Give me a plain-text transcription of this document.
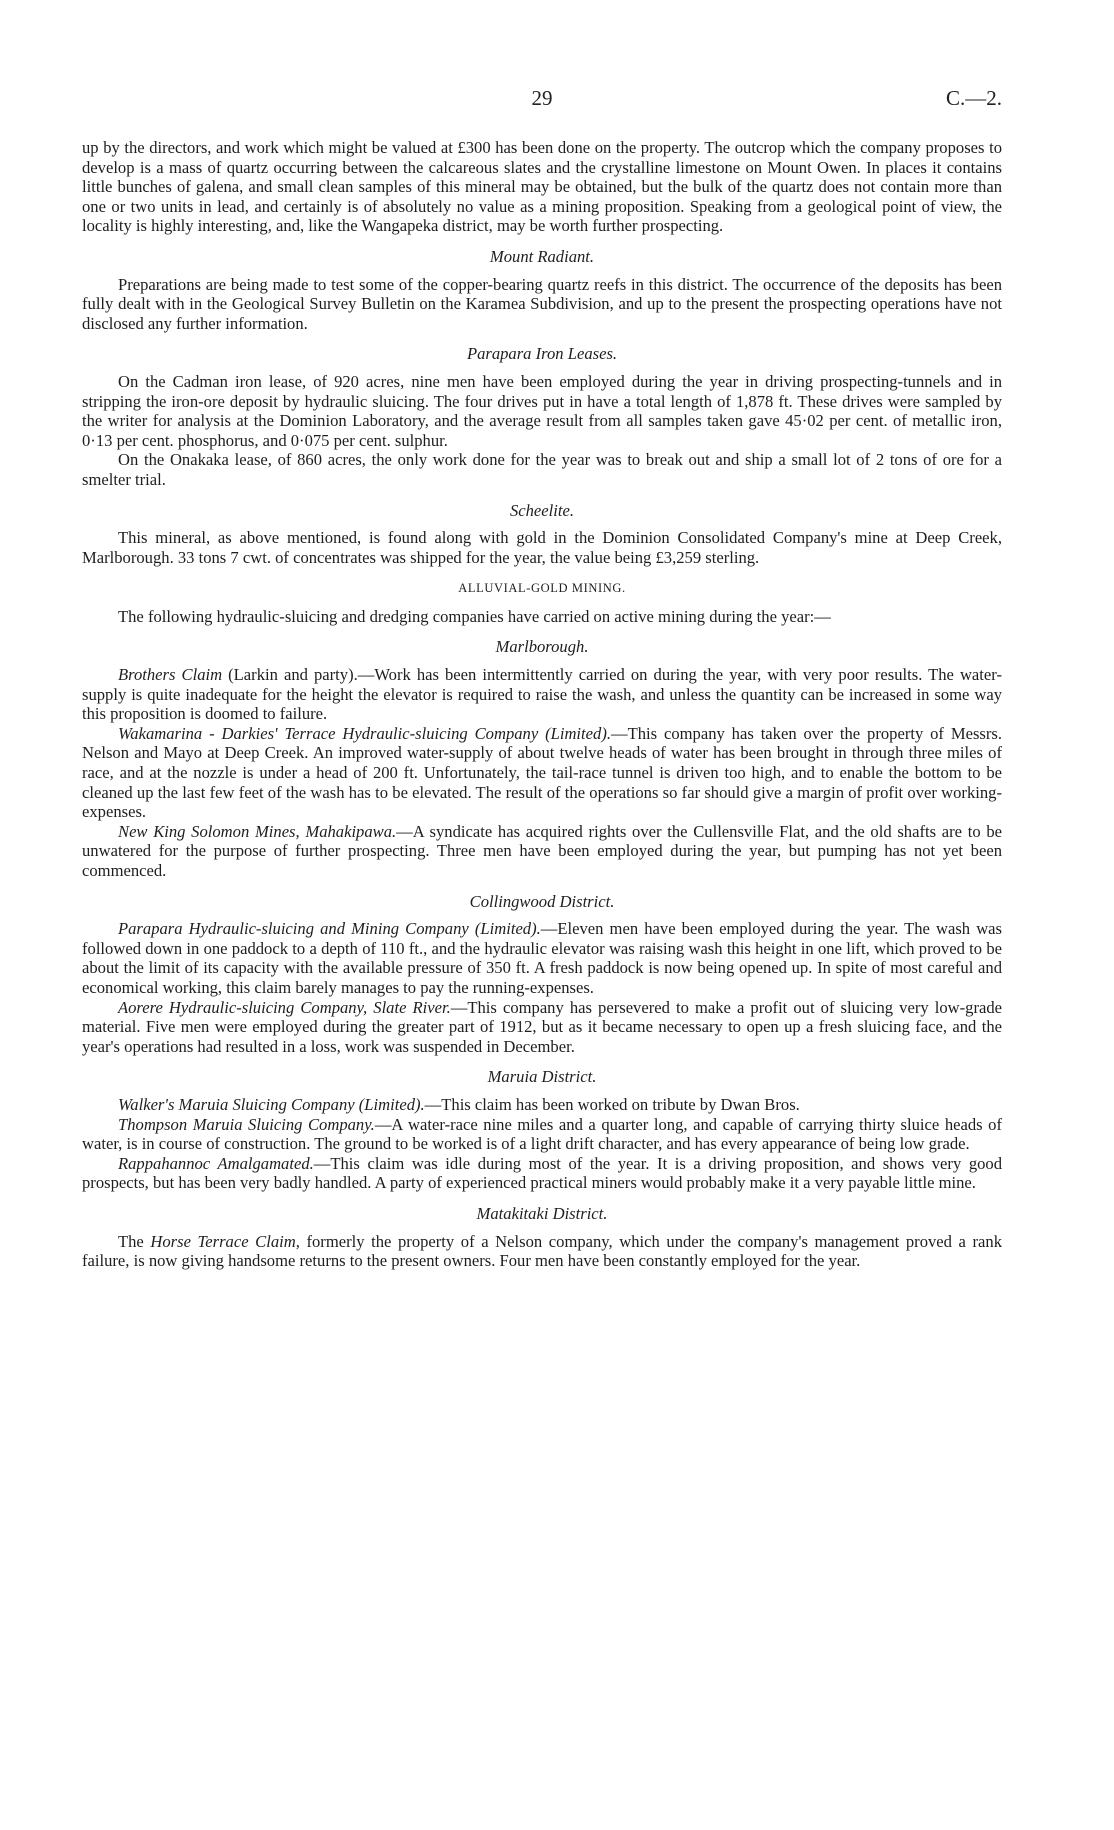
29	C.—2.

up by the directors, and work which might be valued at £300 has been done on the property. The outcrop which the company proposes to develop is a mass of quartz occurring between the calcareous slates and the crystalline limestone on Mount Owen. In places it contains little bunches of galena, and small clean samples of this mineral may be obtained, but the bulk of the quartz does not contain more than one or two units in lead, and certainly is of absolutely no value as a mining proposition. Speaking from a geological point of view, the locality is highly interesting, and, like the Wangapeka district, may be worth further prospecting.

Mount Radiant.

Preparations are being made to test some of the copper-bearing quartz reefs in this district. The occurrence of the deposits has been fully dealt with in the Geological Survey Bulletin on the Karamea Subdivision, and up to the present the prospecting operations have not disclosed any further information.

Parapara Iron Leases.

On the Cadman iron lease, of 920 acres, nine men have been employed during the year in driving prospecting-tunnels and in stripping the iron-ore deposit by hydraulic sluicing. The four drives put in have a total length of 1,878 ft. These drives were sampled by the writer for analysis at the Dominion Laboratory, and the average result from all samples taken gave 45·02 per cent. of metallic iron, 0·13 per cent. phosphorus, and 0·075 per cent. sulphur.

On the Onakaka lease, of 860 acres, the only work done for the year was to break out and ship a small lot of 2 tons of ore for a smelter trial.

Scheelite.

This mineral, as above mentioned, is found along with gold in the Dominion Consolidated Company's mine at Deep Creek, Marlborough. 33 tons 7 cwt. of concentrates was shipped for the year, the value being £3,259 sterling.

ALLUVIAL-GOLD MINING.

The following hydraulic-sluicing and dredging companies have carried on active mining during the year:—

Marlborough.

Brothers Claim (Larkin and party).—Work has been intermittently carried on during the year, with very poor results. The water-supply is quite inadequate for the height the elevator is required to raise the wash, and unless the quantity can be increased in some way this proposition is doomed to failure.

Wakamarina - Darkies' Terrace Hydraulic-sluicing Company (Limited).—This company has taken over the property of Messrs. Nelson and Mayo at Deep Creek. An improved water-supply of about twelve heads of water has been brought in through three miles of race, and at the nozzle is under a head of 200 ft. Unfortunately, the tail-race tunnel is driven too high, and to enable the bottom to be cleaned up the last few feet of the wash has to be elevated. The result of the operations so far should give a margin of profit over working-expenses.

New King Solomon Mines, Mahakipawa.—A syndicate has acquired rights over the Cullensville Flat, and the old shafts are to be unwatered for the purpose of further prospecting. Three men have been employed during the year, but pumping has not yet been commenced.

Collingwood District.

Parapara Hydraulic-sluicing and Mining Company (Limited).—Eleven men have been employed during the year. The wash was followed down in one paddock to a depth of 110 ft., and the hydraulic elevator was raising wash this height in one lift, which proved to be about the limit of its capacity with the available pressure of 350 ft. A fresh paddock is now being opened up. In spite of most careful and economical working, this claim barely manages to pay the running-expenses.

Aorere Hydraulic-sluicing Company, Slate River.—This company has persevered to make a profit out of sluicing very low-grade material. Five men were employed during the greater part of 1912, but as it became necessary to open up a fresh sluicing face, and the year's operations had resulted in a loss, work was suspended in December.

Maruia District.

Walker's Maruia Sluicing Company (Limited).—This claim has been worked on tribute by Dwan Bros.

Thompson Maruia Sluicing Company.—A water-race nine miles and a quarter long, and capable of carrying thirty sluice heads of water, is in course of construction. The ground to be worked is of a light drift character, and has every appearance of being low grade.

Rappahannoc Amalgamated.—This claim was idle during most of the year. It is a driving proposition, and shows very good prospects, but has been very badly handled. A party of experienced practical miners would probably make it a very payable little mine.

Matakitaki District.

The Horse Terrace Claim, formerly the property of a Nelson company, which under the company's management proved a rank failure, is now giving handsome returns to the present owners. Four men have been constantly employed for the year.
